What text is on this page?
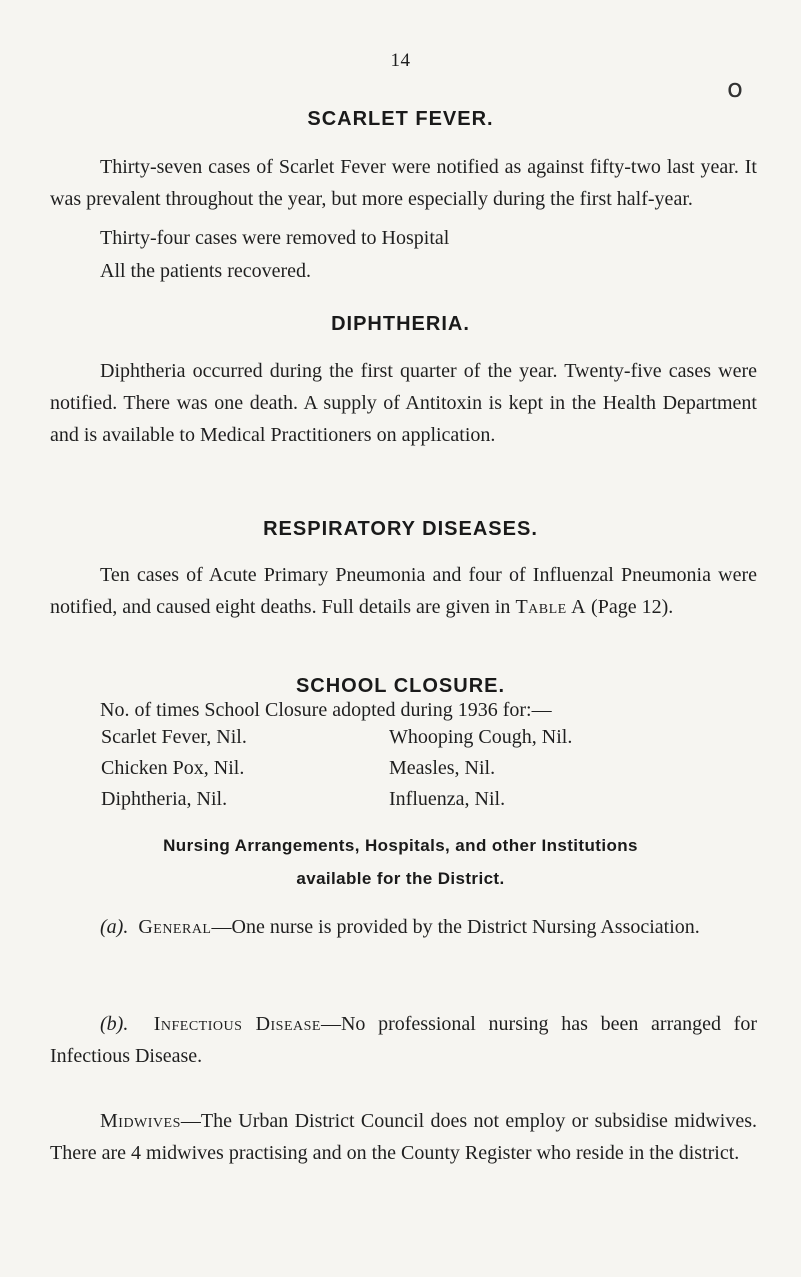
14
o
SCARLET FEVER.
Thirty-seven cases of Scarlet Fever were notified as against fifty-two last year. It was prevalent throughout the year, but more especially during the first half-year.
Thirty-four cases were removed to Hospital
All the patients recovered.
DIPHTHERIA.
Diphtheria occurred during the first quarter of the year. Twenty-five cases were notified. There was one death. A supply of Antitoxin is kept in the Health Department and is available to Medical Practitioners on application.
RESPIRATORY DISEASES.
Ten cases of Acute Primary Pneumonia and four of Influenzal Pneumonia were notified, and caused eight deaths. Full details are given in Table A (Page 12).
SCHOOL CLOSURE.
No. of times School Closure adopted during 1936 for:—
Scarlet Fever, Nil.	Whooping Cough, Nil.
Chicken Pox, Nil.	Measles, Nil.
Diphtheria, Nil.	Influenza, Nil.
Nursing Arrangements, Hospitals, and other Institutions
available for the District.
(a). General—One nurse is provided by the District Nursing Association.
(b). Infectious Disease—No professional nursing has been arranged for Infectious Disease.
Midwives—The Urban District Council does not employ or subsidise midwives. There are 4 midwives practising and on the County Register who reside in the district.
